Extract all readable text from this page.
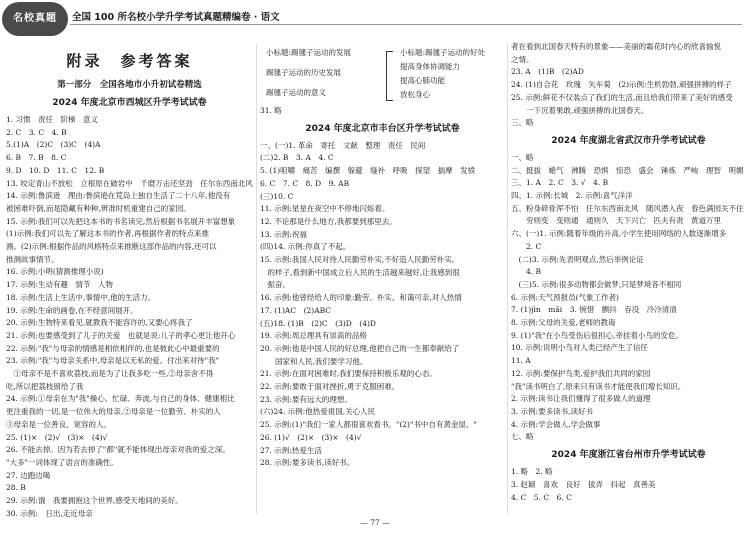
名校真题	全国 100 所名校小学升学考试真题精编卷 · 语文
附录　参考答案
第一部分　全国各地市小升初试卷精选
2024 年度北京市西城区升学考试试卷

1. 习惯　责任　阶梯　意义

2. C　3. C　4. B

5.(1)A　(2)C　(3)C　(4)A

6. B　7. B　8. C

9. D　10. D　11. C　12. B

13. 咬定青山不放松　立根原在破岩中　千磨万击还坚劲　任尔东西南北风

14. 示例:鲁滨逊　理由:鲁滨逊在荒岛上独自生活了二十八年,他没有

被困难吓倒,而是隐藏有种种,辨准时机重建自己的家园。

15. 示例:我们可以先把这本书的书名读完,然后根据书名展开丰富想象

(1)示例:我们可以先了解这本书的作者,再根据作者的特点来推

测。(2)示例:根据作品的风格特点来推断这部作品的内容,还可以

推测故事情节。

16. 示例:小明(猜测推理小说)

17. 示例:生动有趣　情节　人物

18. 示例:生活上生活中,事情中,他的生活力。

19. 示例:生命的画卷,在不经意间展开。

20. 示例:生物特来看见,就教我不能容许的,又要心疼我了

21. 示例:也要感受到了儿子的关爱　也就是说:儿子的孝心更让他开心

22. 示例:"我"与母亲的情感是相依相伴的,也是彼此心中最重要的

23. 示例:"我"与母亲关系中,母亲是以无私的爱、付出来对待"我"

　①母亲不是不喜欢荔枝,而是为了让我多吃一些,②母亲舍不得

吃,所以把荔枝留给了我

24. 示例:①母亲在为"我"操心、忙碌、奔波,与自己的身体、健康相比

更注重我的一切,是一位伟大的母亲,②母亲是一位勤劳、朴实的人

③母亲是一位善良、宽容的人。

25. (1)×　(2)√　(3)×　(4)√

26. 不能去掉。因为若去掉了"都"就不能体现出母亲对我的爱之深。

"大多"一词体现了语言的准确性。

27. 边跑边喝

28. B

29. 示例:饿　我要拥抱这个世界,感受天地间的美好。

30. 示例:　日出,走近母亲

小标题:踢毽子运动的发展
踢毽子运动的历史发展
踢毽子运动的意义
小标题:踢毽子运动的好处
提高身体协调能力
提高心肺功能
放松身心

31. 略

2024 年度北京市丰台区升学考试试卷

一、(一)1. 革命　寄托　文献　整理　责任　民间

(二)2. B　3. A　4. C

5. (1)咀嚼　痛苦　编撰　躲避　缝补　呼吸　探望　揣摩　发愤

6. C　7. C　8. D　9. AB

(三)10. C

11. 示例:星星在夜空中不停地闪烁着。

12. 不论那是什么地方,我都要到那里去。

13. 示例:祝福

(四)14. 示例:你真了不起。

15. 示例:我国人民对待人民勤劳朴实,不好造人民勤劳朴实,

　的样子,看到新中国成立后人民的生活越来越好,让我感到很

　振奋。

16. 示例:他曾经给人的印象:勤劳、朴实、和蔼可亲,对人热情

17. (1)AC　(2)ABC

(五)18. (1)B　(2)C　(3)D　(4)D

19. 示例:周总理具有崇高的品格

20. 示例:他是中国人民的好总理,他把自己的一生都奉献给了

　　国家和人民,我们要学习他。

21. 示例:在面对困难时,我们要保持积极乐观的心态。

22. 示例:要敢于面对挫折,勇于克服困难。

23. 示例:要有远大的理想。

(六)24. 示例:他热爱祖国,关心人民

25. 示例:(1)"我们一家人都很喜欢看书。"(2)"书中自有黄金屋。"

26. (1)√　(2)×　(3)×　(4)√

27. 示例:热爱生活

28. 示例:要多读书,读好书。

者在看到北国春天特有的景象——美丽的霜花时内心的欣喜愉悦

之情。

23. A　(1)B　(2)AD

24. (1)自合花　玫瑰　矢车菊　(2)示例:生机勃勃,顽强拼搏的样子

25. 示例:鲜花不仅装点了我们的生活,而且给我们带来了美好的感受

　　一下沉着果敢,顽强拼搏的北国春天。

三、略

2024 年度湖北省武汉市升学考试试卷

一、略

二、挺拔　蜷气　沸腾　恐惧　惊恐　盛会　锤炼　严峻　理智　明媚

三、1. A　2. C　3. √　4. B

四、1. 示例:长城　2. 示例:喜气洋洋

五、粉身碎骨浑不怕　任尔东西南北风　随风潜入夜　春色满园关不住

　　穷则变　变则通　通则久　天下兴亡　匹夫有责　黄道万里

六、(一)1. 示例:随着年级的升高,小学生使用网络的人数逐渐增多

　　2. C

　(二)3. 示例:先表明观点,然后举例论证

　　4. B

　(三)5. 示例:很多动物都会做梦,只是梦境各不相同

6. 示例:天气预报员(气象工作者)

7. (1)jìn　mǎi　3. 惋惜　颤抖　吞没　冷冷清清

8. 示例:父母的关爱,老师的教诲

9. (1)"我"在小鸟受伤后很担心,牵挂着小鸟的安危。

10. 示例:说明小鸟对人类已经产生了信任

11. A

12. 示例:要保护鸟类,爱护我们共同的家园

"我"读书明白了,原来只有读书才能使我们增长知识。

2. 示例:读书让我们懂得了很多做人的道理

3. 示例:要多读书,读好书

4. 示例:学会做人,学会做事

七、略

2024 年度浙江省台州市升学考试试卷

1. 略　2. 略

3. 赵颖　喜欢　良好　拔弄　抖起　真善美

4. C　5. C　6. C

— 77 —
